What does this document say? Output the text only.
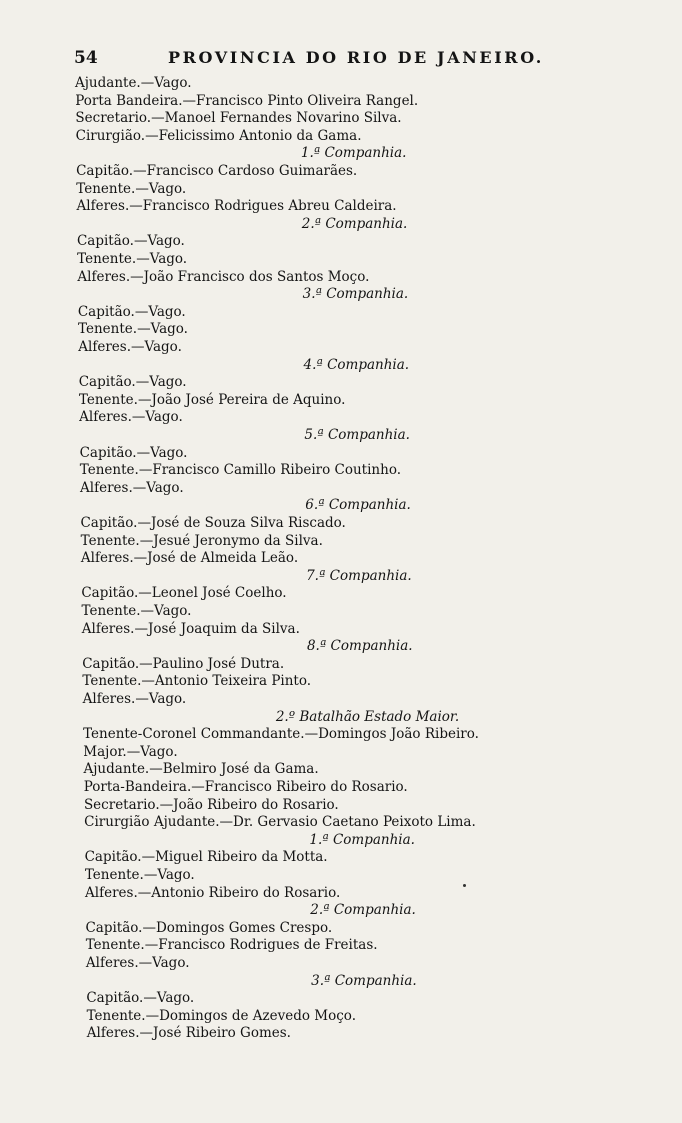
54	PROVINCIA DO RIO DE JANEIRO.
Ajudante.—Vago.
Porta Bandeira.—Francisco Pinto Oliveira Rangel.
Secretario.—Manoel Fernandes Novarino Silva.
Cirurgião.—Felicissimo Antonio da Gama.
1.ª Companhia.
Capitão.—Francisco Cardoso Guimarães.
Tenente.—Vago.
Alferes.—Francisco Rodrigues Abreu Caldeira.
2.ª Companhia.
Capitão.—Vago.
Tenente.—Vago.
Alferes.—João Francisco dos Santos Moço.
3.ª Companhia.
Capitão.—Vago.
Tenente.—Vago.
Alferes.—Vago.
4.ª Companhia.
Capitão.—Vago.
Tenente.—João José Pereira de Aquino.
Alferes.—Vago.
5.ª Companhia.
Capitão.—Vago.
Tenente.—Francisco Camillo Ribeiro Coutinho.
Alferes.—Vago.
6.ª Companhia.
Capitão.—José de Souza Silva Riscado.
Tenente.—Jesué Jeronymo da Silva.
Alferes.—José de Almeida Leão.
7.ª Companhia.
Capitão.—Leonel José Coelho.
Tenente.—Vago.
Alferes.—José Joaquim da Silva.
8.ª Companhia.
Capitão.—Paulino José Dutra.
Tenente.—Antonio Teixeira Pinto.
Alferes.—Vago.
2.º Batalhão Estado Maior.
Tenente-Coronel Commandante.—Domingos João Ribeiro.
Major.—Vago.
Ajudante.—Belmiro José da Gama.
Porta-Bandeira.—Francisco Ribeiro do Rosario.
Secretario.—João Ribeiro do Rosario.
Cirurgião Ajudante.—Dr. Gervasio Caetano Peixoto Lima.
1.ª Companhia.
Capitão.—Miguel Ribeiro da Motta.
Tenente.—Vago.
Alferes.—Antonio Ribeiro do Rosario.
2.ª Companhia.
Capitão.—Domingos Gomes Crespo.
Tenente.—Francisco Rodrigues de Freitas.
Alferes.—Vago.
3.ª Companhia.
Capitão.—Vago.
Tenente.—Domingos de Azevedo Moço.
Alferes.—José Ribeiro Gomes.
